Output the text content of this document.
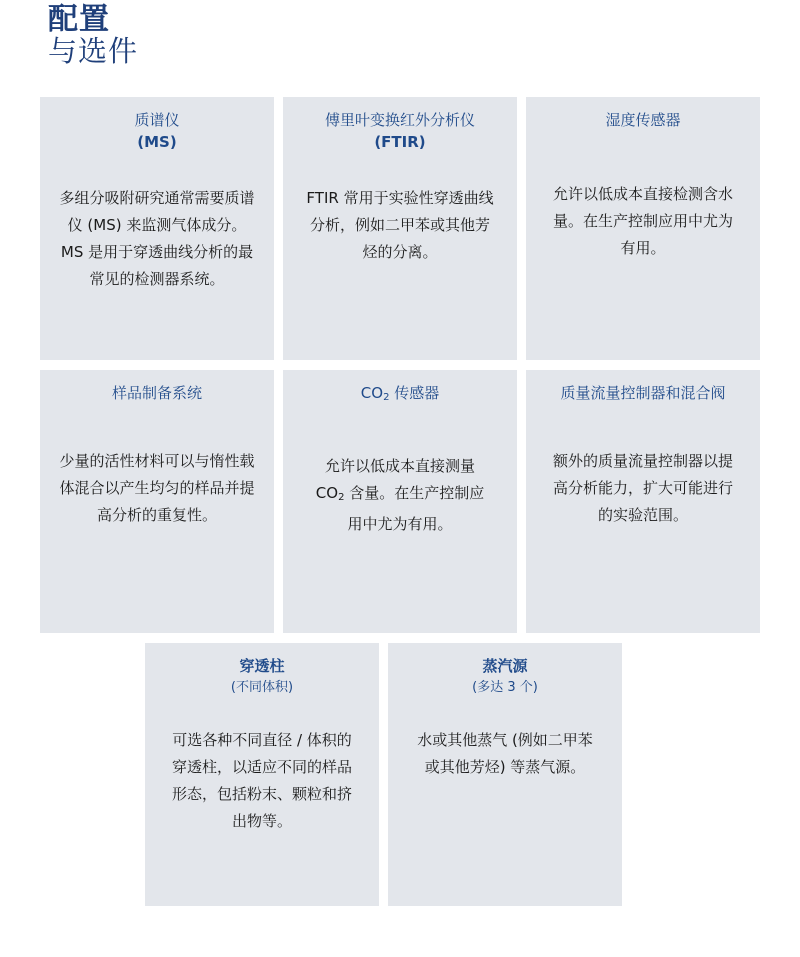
配置
与选件
质谱仪
(MS)
多组分吸附研究通常需要质谱仪 (MS) 来监测气体成分。MS 是用于穿透曲线分析的最常见的检测器系统。
傅里叶变换红外分析仪
(FTIR)
FTIR 常用于实验性穿透曲线分析，例如二甲苯或其他芳烃的分离。
湿度传感器
允许以低成本直接检测含水量。在生产控制应用中尤为有用。
样品制备系统
少量的活性材料可以与惰性载体混合以产生均匀的样品并提高分析的重复性。
$CO_2$ 传感器
允许以低成本直接测量 $CO_2$ 含量。在生产控制应用中尤为有用。
质量流量控制器和混合阀
额外的质量流量控制器以提高分析能力，扩大可能进行的实验范围。
穿透柱
(不同体积)
可选各种不同直径 / 体积的穿透柱，以适应不同的样品形态，包括粉末、颗粒和挤出物等。
蒸汽源
(多达 3 个)
水或其他蒸气 (例如二甲苯或其他芳烃) 等蒸气源。
